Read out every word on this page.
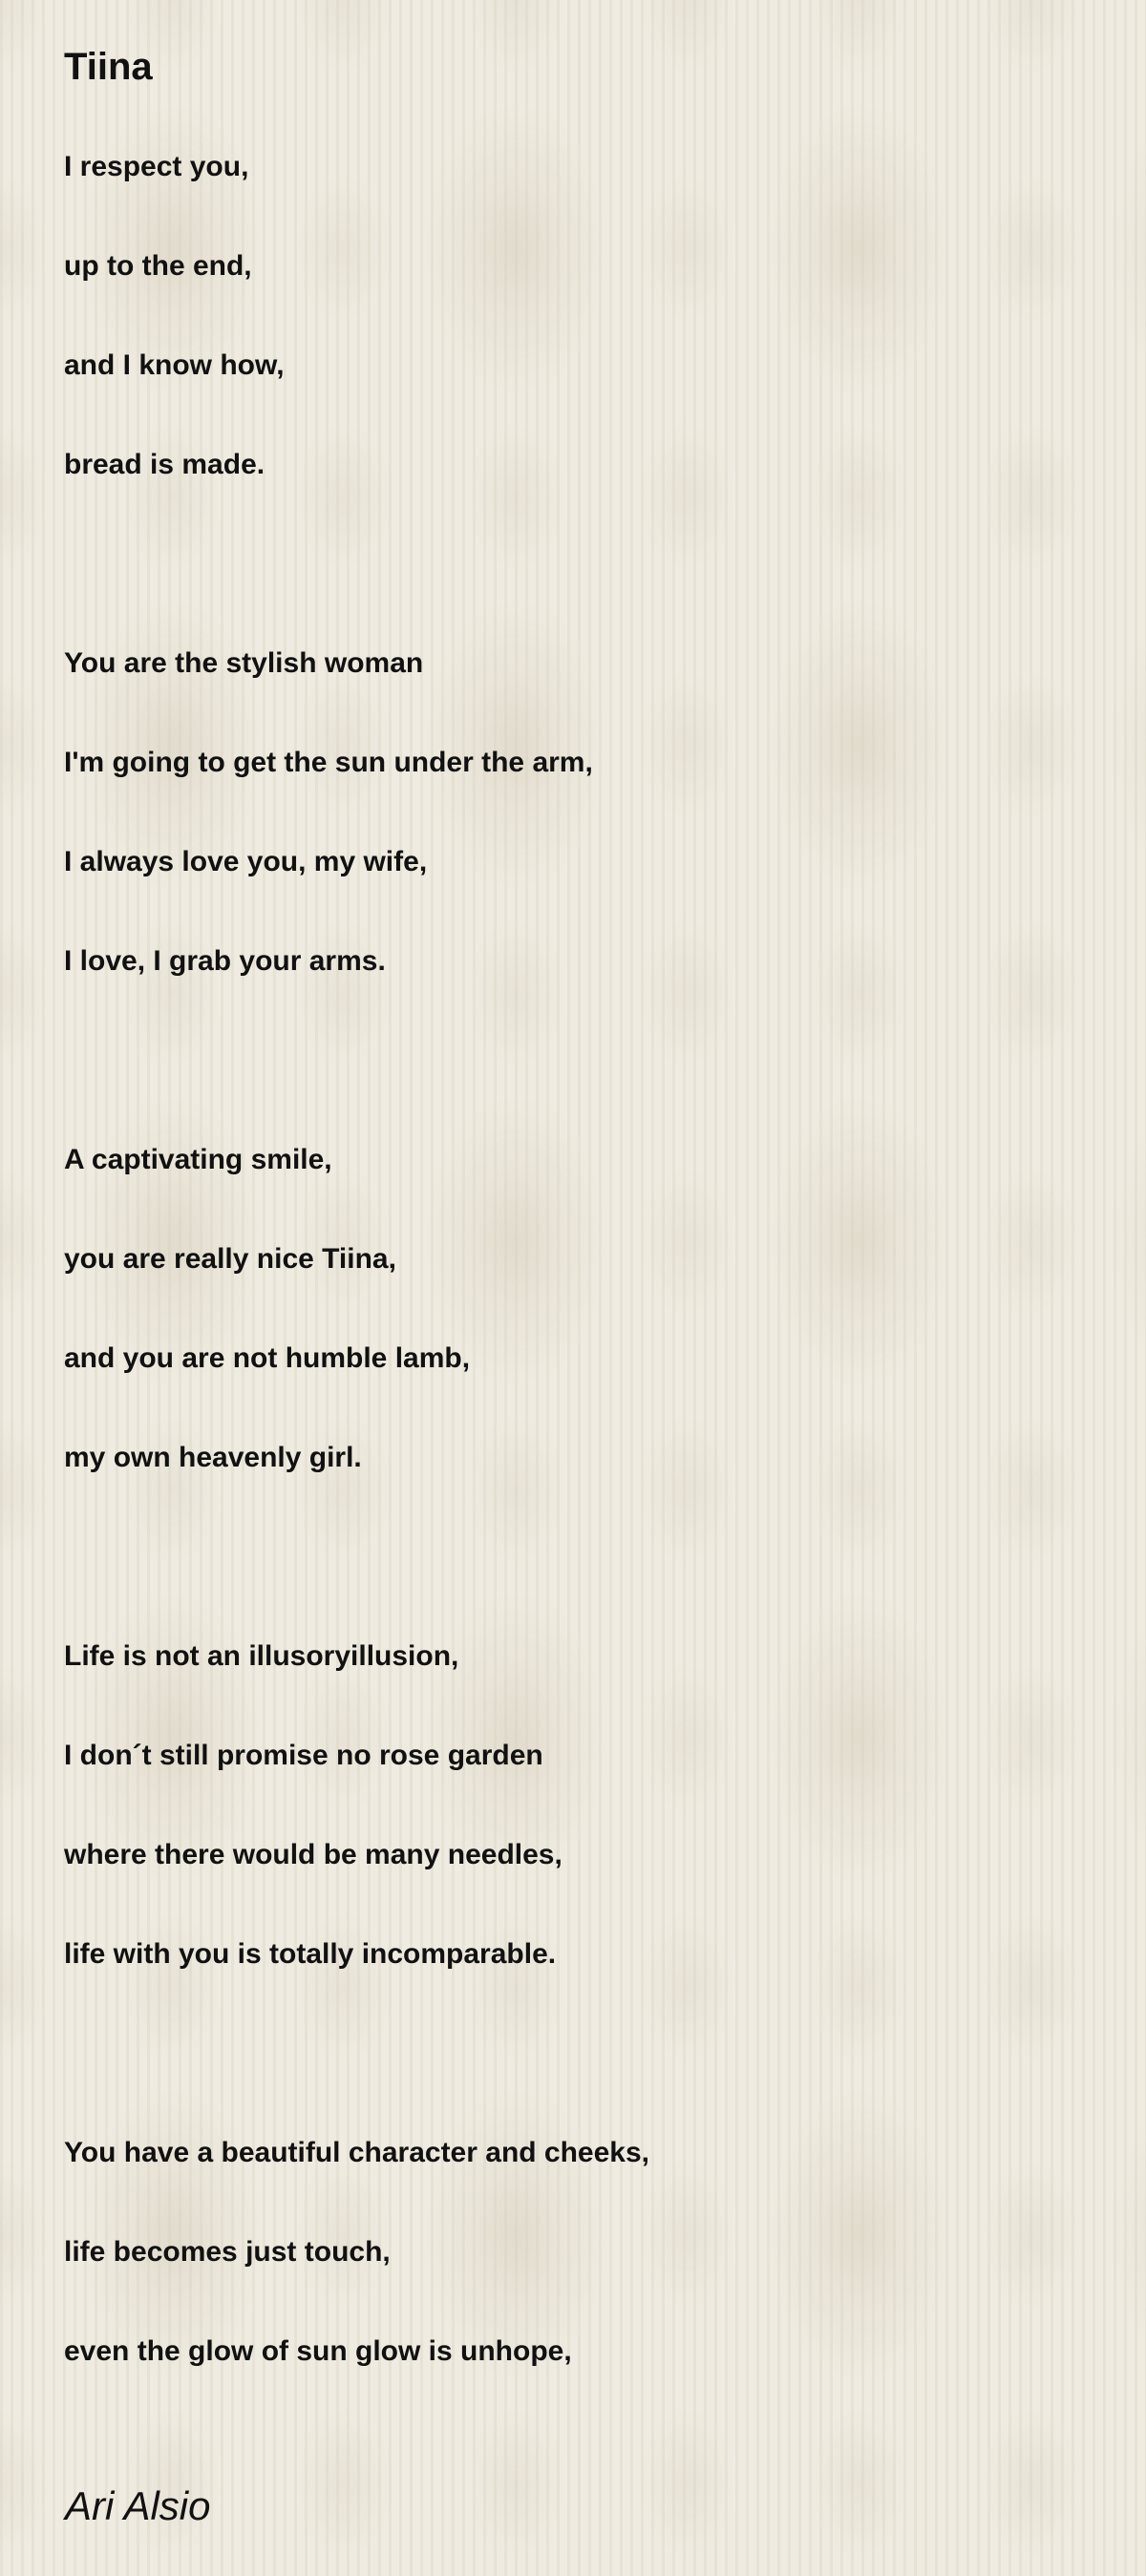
Tiina

I respect you,

up to the end,

and I know how,

bread is made.

You are the stylish woman

I'm going to get the sun under the arm,

I always love you, my wife,

I love, I grab your arms.

A captivating smile,

you are really nice Tiina,

and you are not humble lamb,

my own heavenly girl.

Life is not an illusoryillusion,

I don´t still promise no rose garden

where there would be many needles,

life with you is totally incomparable.

You have a beautiful character and cheeks,

life becomes just touch,

even the glow of sun glow is unhope,

Ari Alsio
